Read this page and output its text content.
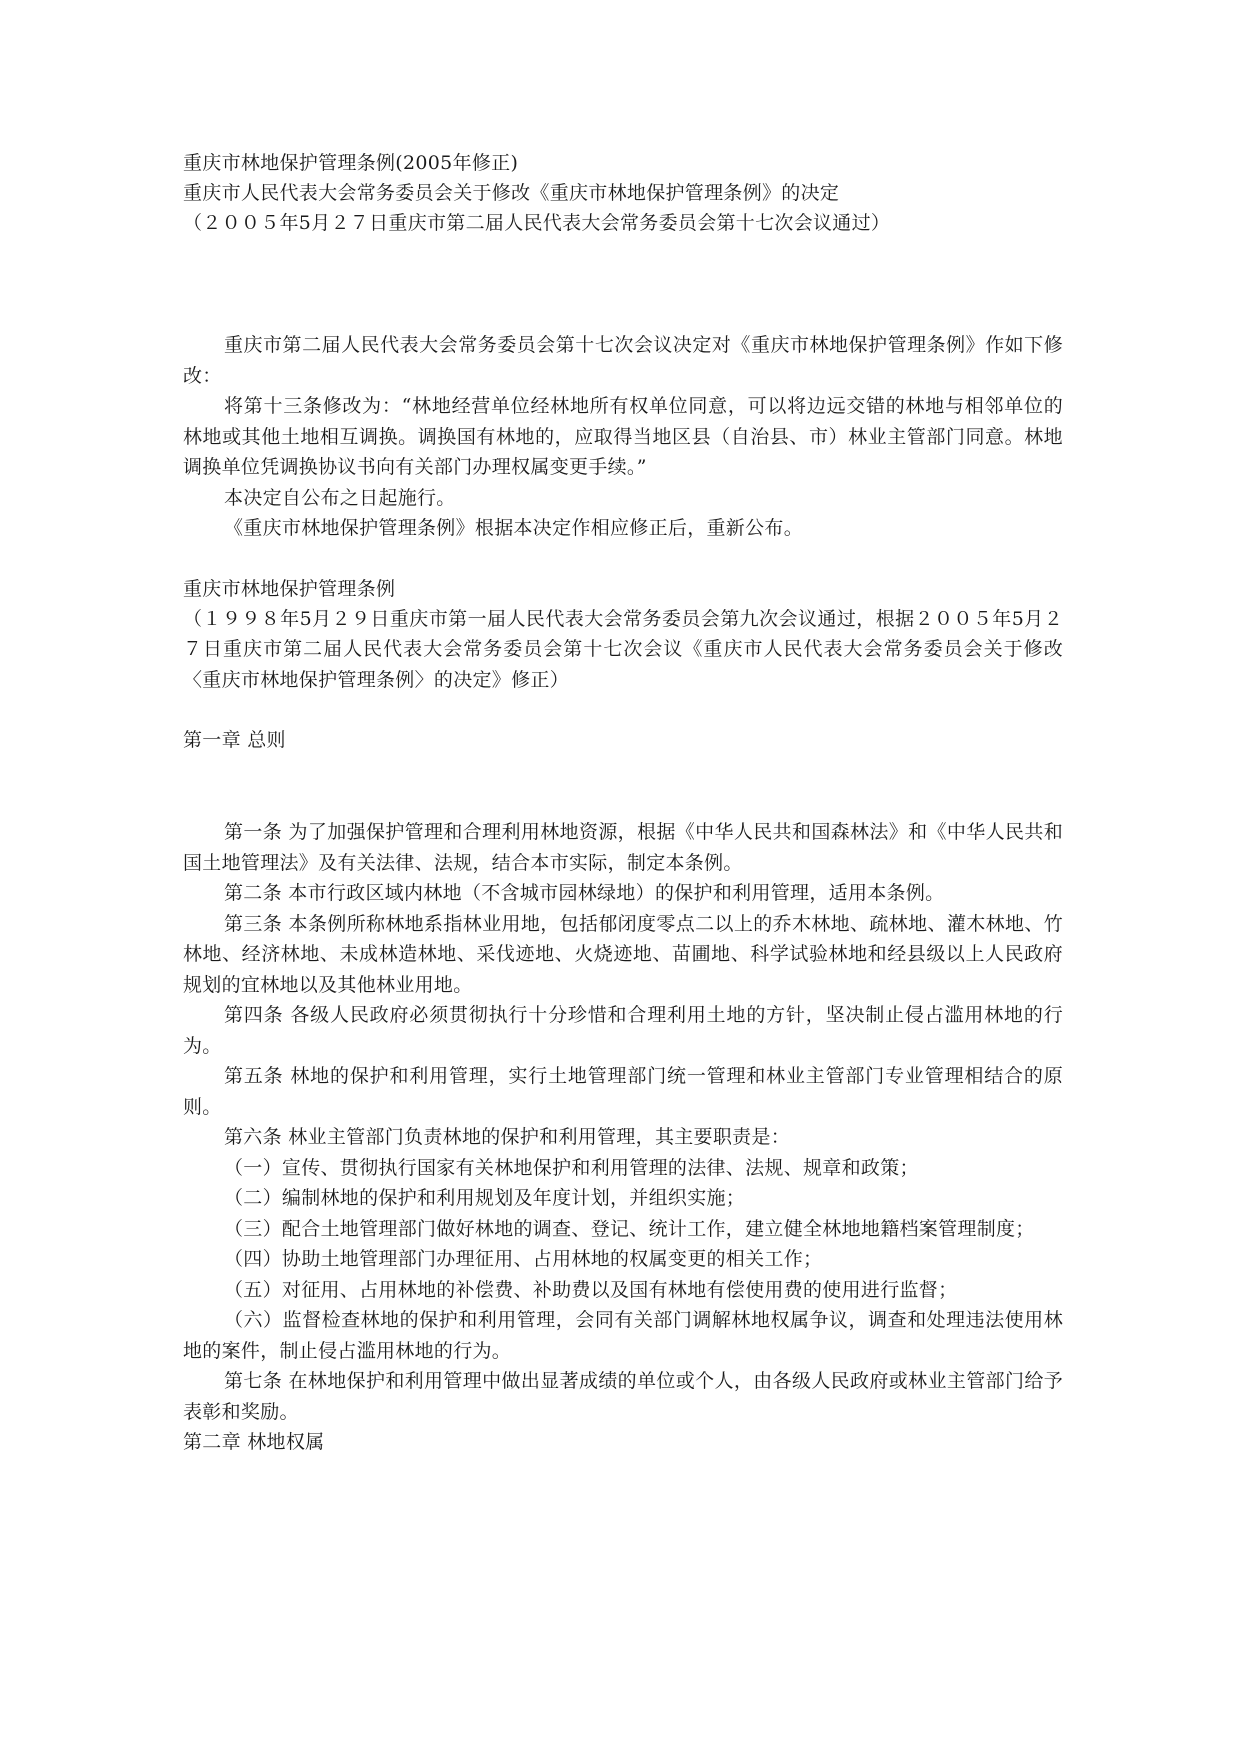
重庆市林地保护管理条例(2005年修正)
重庆市人民代表大会常务委员会关于修改《重庆市林地保护管理条例》的决定
（２００５年5月２７日重庆市第二届人民代表大会常务委员会第十七次会议通过）

重庆市第二届人民代表大会常务委员会第十七次会议决定对《重庆市林地保护管理条例》作如下修改：

将第十三条修改为：“林地经营单位经林地所有权单位同意，可以将边远交错的林地与相邻单位的林地或其他土地相互调换。调换国有林地的，应取得当地区县（自治县、市）林业主管部门同意。林地调换单位凭调换协议书向有关部门办理权属变更手续。”

本决定自公布之日起施行。

《重庆市林地保护管理条例》根据本决定作相应修正后，重新公布。

重庆市林地保护管理条例

（１９９８年5月２９日重庆市第一届人民代表大会常务委员会第九次会议通过，根据２００５年5月２７日重庆市第二届人民代表大会常务委员会第十七次会议《重庆市人民代表大会常务委员会关于修改〈重庆市林地保护管理条例〉的决定》修正）

第一章 总则

第一条 为了加强保护管理和合理利用林地资源，根据《中华人民共和国森林法》和《中华人民共和国土地管理法》及有关法律、法规，结合本市实际，制定本条例。

第二条 本市行政区域内林地（不含城市园林绿地）的保护和利用管理，适用本条例。

第三条 本条例所称林地系指林业用地，包括郁闭度零点二以上的乔木林地、疏林地、灌木林地、竹林地、经济林地、未成林造林地、采伐迹地、火烧迹地、苗圃地、科学试验林地和经县级以上人民政府规划的宜林地以及其他林业用地。

第四条 各级人民政府必须贯彻执行十分珍惜和合理利用土地的方针，坚决制止侵占滥用林地的行为。

第五条 林地的保护和利用管理，实行土地管理部门统一管理和林业主管部门专业管理相结合的原则。

第六条 林业主管部门负责林地的保护和利用管理，其主要职责是：

（一）宣传、贯彻执行国家有关林地保护和利用管理的法律、法规、规章和政策；

（二）编制林地的保护和利用规划及年度计划，并组织实施；

（三）配合土地管理部门做好林地的调查、登记、统计工作，建立健全林地地籍档案管理制度；

（四）协助土地管理部门办理征用、占用林地的权属变更的相关工作；

（五）对征用、占用林地的补偿费、补助费以及国有林地有偿使用费的使用进行监督；

（六）监督检查林地的保护和利用管理，会同有关部门调解林地权属争议，调查和处理违法使用林地的案件，制止侵占滥用林地的行为。

第七条 在林地保护和利用管理中做出显著成绩的单位或个人，由各级人民政府或林业主管部门给予表彰和奖励。

第二章 林地权属
